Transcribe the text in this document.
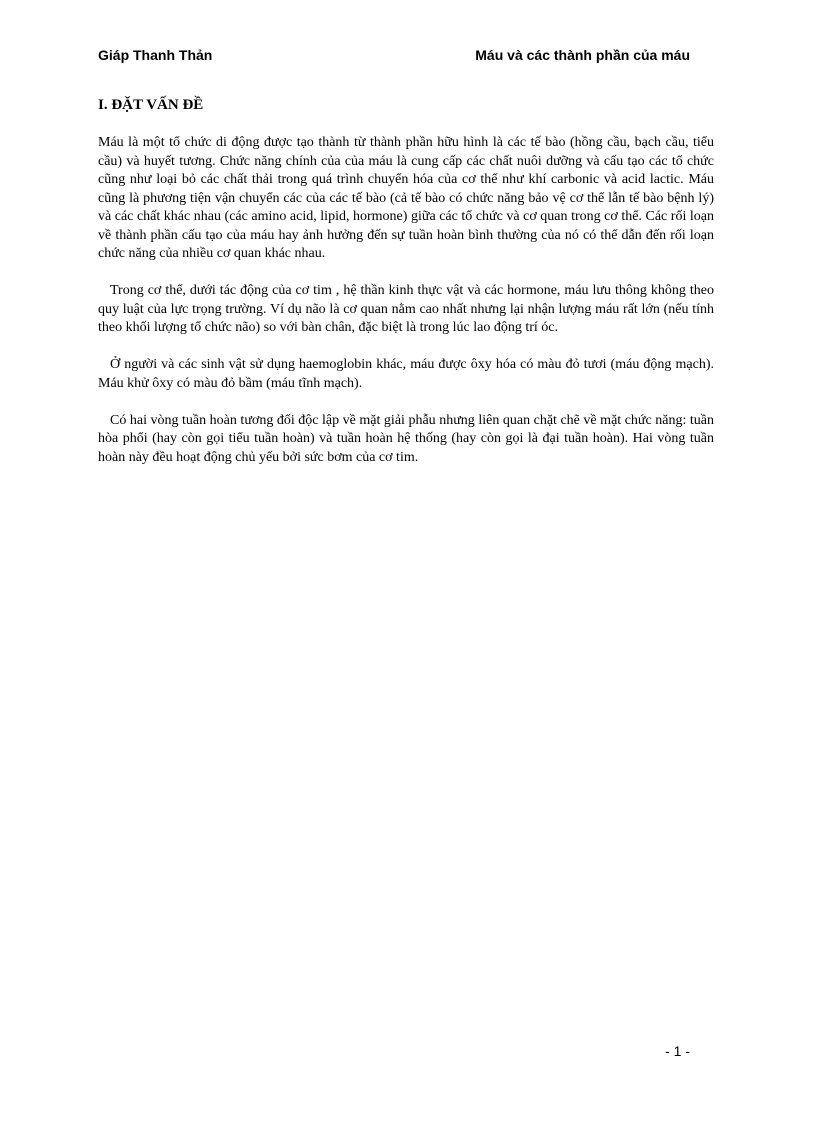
Giáp Thanh Thản	Máu và các thành phần của máu
I. ĐẶT VẤN ĐỀ

Máu là một tổ chức di động được tạo thành từ thành phần hữu hình là các tế bào (hồng cầu, bạch cầu, tiểu cầu) và huyết tương. Chức năng chính của của máu là cung cấp các chất nuôi dưỡng và cấu tạo các tổ chức cũng như loại bỏ các chất thải trong quá trình chuyển hóa của cơ thể như khí carbonic và acid lactic. Máu cũng là phương tiện vận chuyển các của các tế bào (cả tế bào có chức năng bảo vệ cơ thể lẫn tế bào bệnh lý) và các chất khác nhau (các amino acid, lipid, hormone) giữa các tổ chức và cơ quan trong cơ thể. Các rối loạn về thành phần cấu tạo của máu hay ảnh hưởng đến sự tuần hoàn bình thường của nó có thể dẫn đến rối loạn chức năng của nhiều cơ quan khác nhau.

Trong cơ thể, dưới tác động của cơ tim , hệ thần kinh thực vật và các hormone, máu lưu thông không theo quy luật của lực trọng trường. Ví dụ não là cơ quan nằm cao nhất nhưng lại nhận lượng máu rất lớn (nếu tính theo khối lượng tổ chức não) so với bàn chân, đặc biệt là trong lúc lao động trí óc.

Ở người và các sinh vật sử dụng haemoglobin khác, máu được ôxy hóa có màu đỏ tươi (máu động mạch). Máu khử ôxy có màu đỏ bầm (máu tĩnh mạch).

Có hai vòng tuần hoàn tương đối độc lập về mặt giải phẫu nhưng liên quan chặt chẽ về mặt chức năng: tuần hòa phổi (hay còn gọi tiểu tuần hoàn) và tuần hoàn hệ thống (hay còn gọi là đại tuần hoàn). Hai vòng tuần hoàn này đều hoạt động chủ yếu bởi sức bơm của cơ tim.

- 1 -
